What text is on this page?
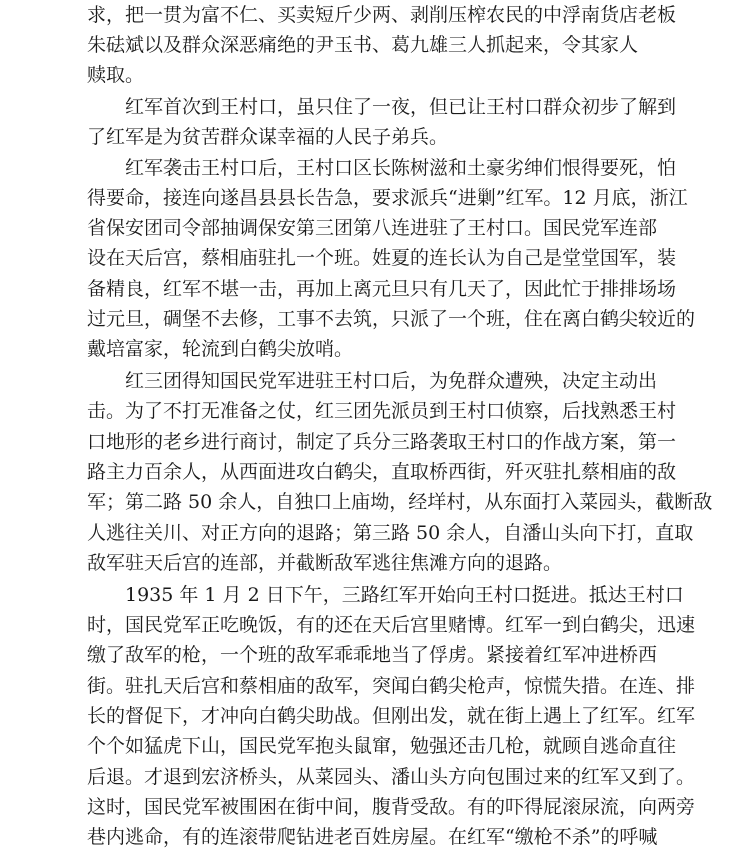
求，把一贯为富不仁、买卖短斤少两、剥削压榨农民的中浮南货店老板
朱砝斌以及群众深恶痛绝的尹玉书、葛九雄三人抓起来，令其家人
赎取。
红军首次到王村口，虽只住了一夜，但已让王村口群众初步了解到
了红军是为贫苦群众谋幸福的人民子弟兵。
红军袭击王村口后，王村口区长陈树滋和土豪劣绅们恨得要死，怕
得要命，接连向遂昌县县长告急，要求派兵“进剿”红军。12 月底，浙江
省保安团司令部抽调保安第三团第八连进驻了王村口。国民党军连部
设在天后宫，蔡相庙驻扎一个班。姓夏的连长认为自己是堂堂国军，装
备精良，红军不堪一击，再加上离元旦只有几天了，因此忙于排排场场
过元旦，碉堡不去修，工事不去筑，只派了一个班，住在离白鹤尖较近的
戴培富家，轮流到白鹤尖放哨。
红三团得知国民党军进驻王村口后，为免群众遭殃，决定主动出
击。为了不打无准备之仗，红三团先派员到王村口侦察，后找熟悉王村
口地形的老乡进行商讨，制定了兵分三路袭取王村口的作战方案，第一
路主力百余人，从西面进攻白鹤尖，直取桥西街，歼灭驻扎蔡相庙的敌
军；第二路 50 余人，自独口上庙坳，经垟村，从东面打入菜园头，截断敌
人逃往关川、对正方向的退路；第三路 50 余人，自潘山头向下打，直取
敌军驻天后宫的连部，并截断敌军逃往焦滩方向的退路。
1935 年 1 月 2 日下午，三路红军开始向王村口挺进。抵达王村口
时，国民党军正吃晚饭，有的还在天后宫里赌博。红军一到白鹤尖，迅速
缴了敌军的枪，一个班的敌军乖乖地当了俘虏。紧接着红军冲进桥西
街。驻扎天后宫和蔡相庙的敌军，突闻白鹤尖枪声，惊慌失措。在连、排
长的督促下，才冲向白鹤尖助战。但刚出发，就在街上遇上了红军。红军
个个如猛虎下山，国民党军抱头鼠窜，勉强还击几枪，就顾自逃命直往
后退。才退到宏济桥头，从菜园头、潘山头方向包围过来的红军又到了。
这时，国民党军被围困在街中间，腹背受敌。有的吓得屁滚尿流，向两旁
巷内逃命，有的连滚带爬钻进老百姓房屋。在红军“缴枪不杀”的呼喊
